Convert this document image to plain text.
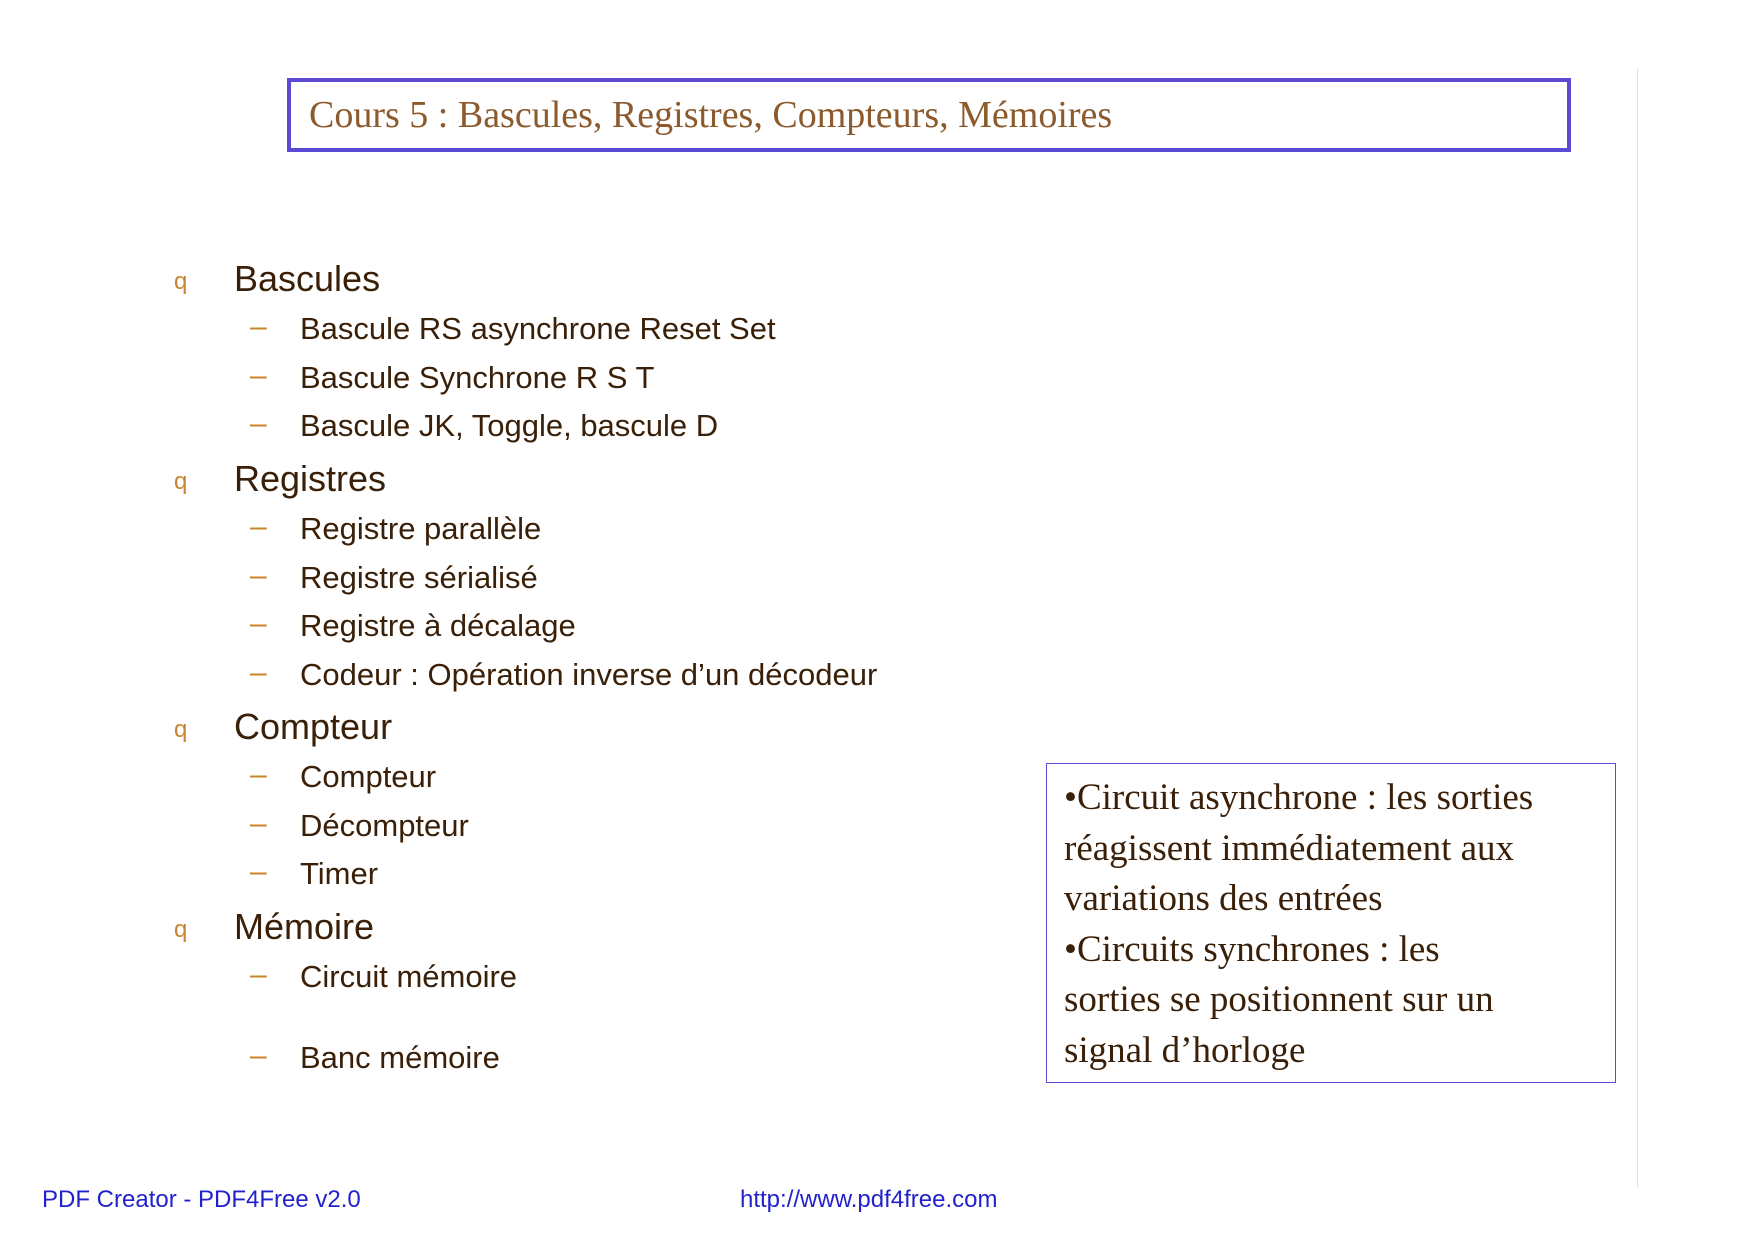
Cours 5 : Bascules, Registres, Compteurs, Mémoires
q Bascules
– Bascule RS asynchrone Reset Set
– Bascule Synchrone R S T
– Bascule JK, Toggle, bascule D
q Registres
– Registre parallèle
– Registre sérialisé
– Registre à décalage
– Codeur : Opération inverse d’un décodeur
q Compteur
– Compteur
– Décompteur
– Timer
q Mémoire
– Circuit mémoire
– Banc mémoire
•Circuit asynchrone : les sorties
réagissent immédiatement aux
variations des entrées
•Circuits synchrones : les
sorties se positionnent sur un
signal d’horloge
PDF Creator - PDF4Free v2.0	http://www.pdf4free.com
